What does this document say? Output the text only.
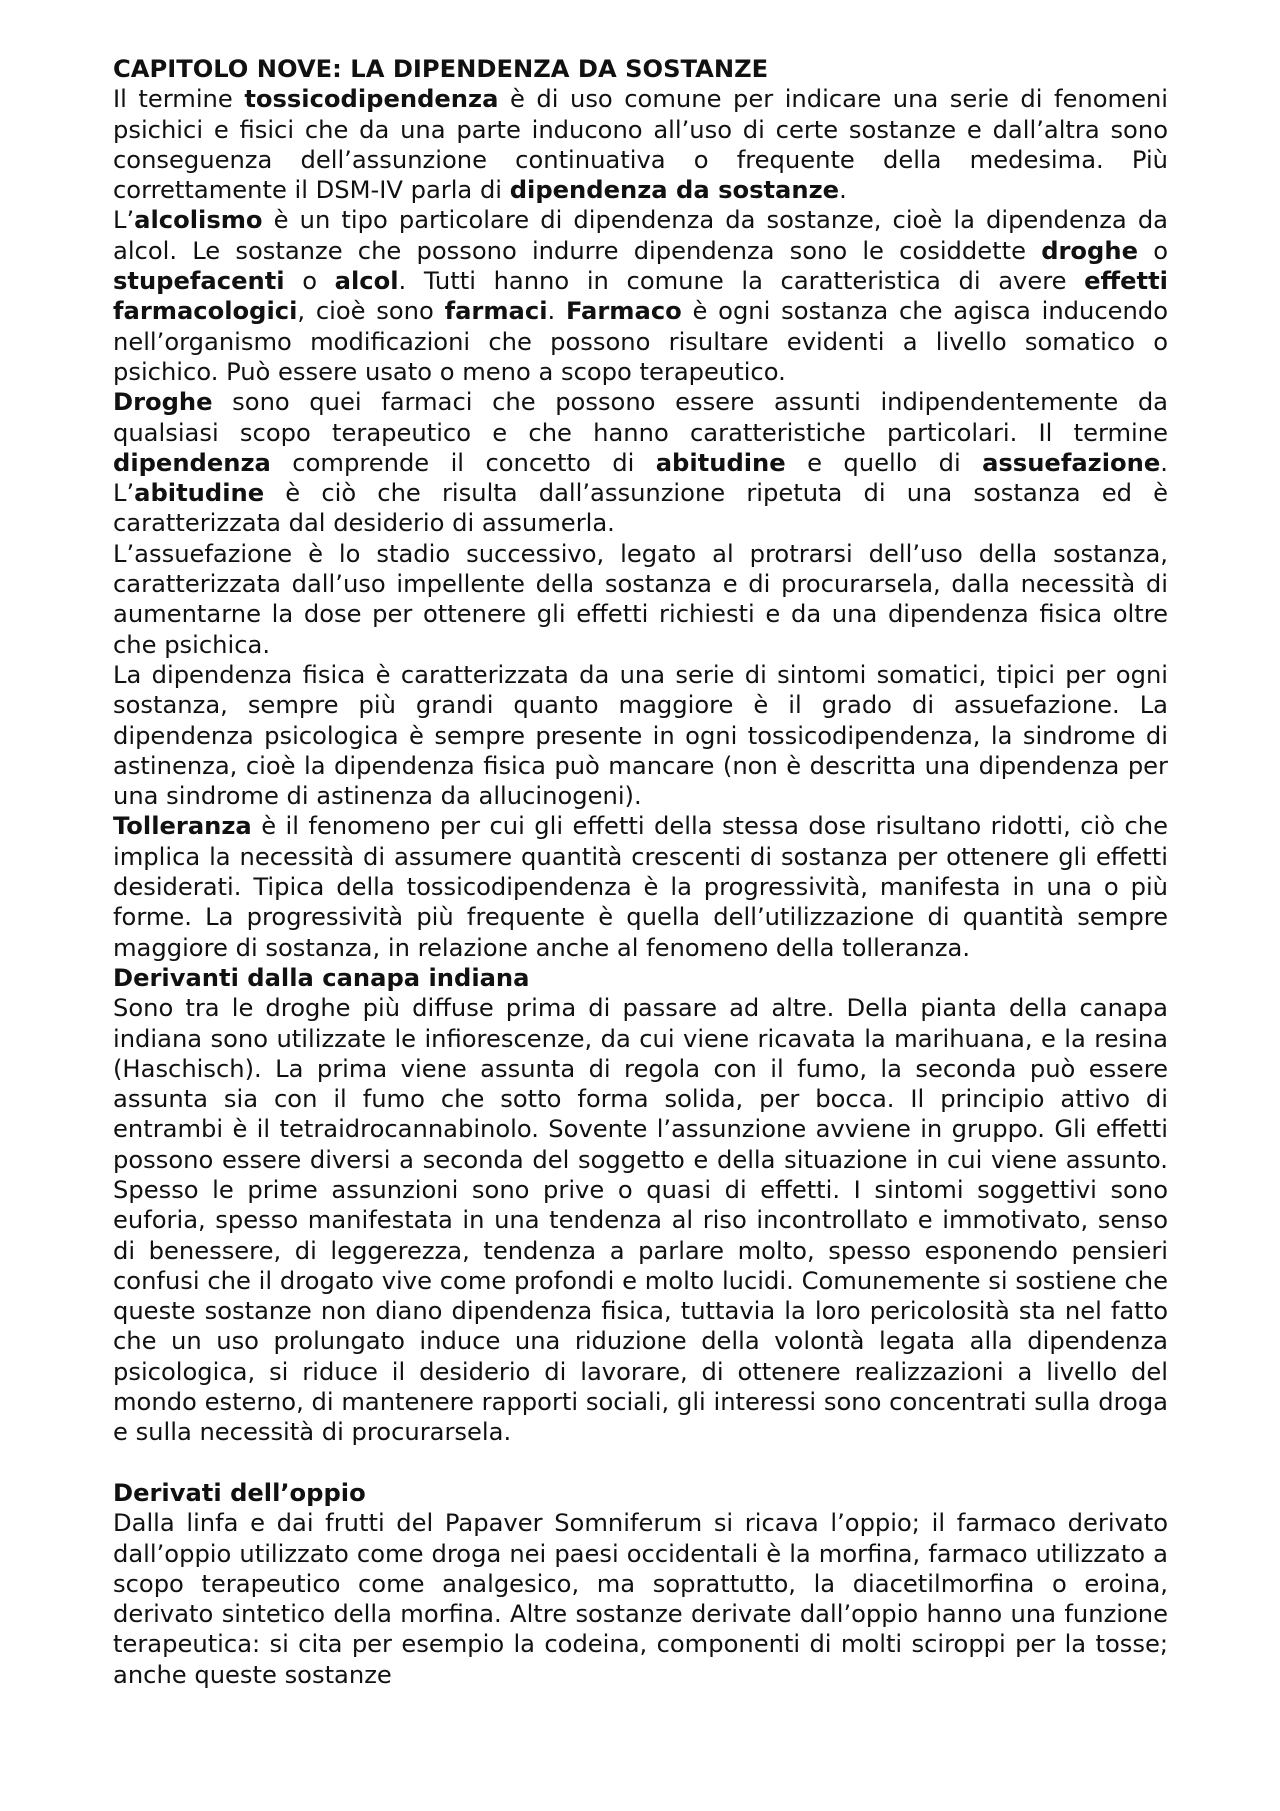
CAPITOLO NOVE: LA DIPENDENZA DA SOSTANZE

Il termine tossicodipendenza è di uso comune per indicare una serie di fenomeni psichici e fisici che da una parte inducono all’uso di certe sostanze e dall’altra sono conseguenza dell’assunzione continuativa o frequente della medesima. Più correttamente il DSM-IV parla di dipendenza da sostanze.

L’alcolismo è un tipo particolare di dipendenza da sostanze, cioè la dipendenza da alcol. Le sostanze che possono indurre dipendenza sono le cosiddette droghe o stupefacenti o alcol. Tutti hanno in comune la caratteristica di avere effetti farmacologici, cioè sono farmaci. Farmaco è ogni sostanza che agisca inducendo nell’organismo modificazioni che possono risultare evidenti a livello somatico o psichico. Può essere usato o meno a scopo terapeutico.

Droghe sono quei farmaci che possono essere assunti indipendentemente da qualsiasi scopo terapeutico e che hanno caratteristiche particolari. Il termine dipendenza comprende il concetto di abitudine e quello di assuefazione. L’abitudine è ciò che risulta dall’assunzione ripetuta di una sostanza ed è caratterizzata dal desiderio di assumerla.

L’assuefazione è lo stadio successivo, legato al protrarsi dell’uso della sostanza, caratterizzata dall’uso impellente della sostanza e di procurarsela, dalla necessità di aumentarne la dose per ottenere gli effetti richiesti e da una dipendenza fisica oltre che psichica.

La dipendenza fisica è caratterizzata da una serie di sintomi somatici, tipici per ogni sostanza, sempre più grandi quanto maggiore è il grado di assuefazione. La dipendenza psicologica è sempre presente in ogni tossicodipendenza, la sindrome di astinenza, cioè la dipendenza fisica può mancare (non è descritta una dipendenza per una sindrome di astinenza da allucinogeni).

Tolleranza è il fenomeno per cui gli effetti della stessa dose risultano ridotti, ciò che implica la necessità di assumere quantità crescenti di sostanza per ottenere gli effetti desiderati. Tipica della tossicodipendenza è la progressività, manifesta in una o più forme. La progressività più frequente è quella dell’utilizzazione di quantità sempre maggiore di sostanza, in relazione anche al fenomeno della tolleranza.

Derivanti dalla canapa indiana

Sono tra le droghe più diffuse prima di passare ad altre. Della pianta della canapa indiana sono utilizzate le infiorescenze, da cui viene ricavata la marihuana, e la resina (Haschisch). La prima viene assunta di regola con il fumo, la seconda può essere assunta sia con il fumo che sotto forma solida, per bocca. Il principio attivo di entrambi è il tetraidrocannabinolo. Sovente l’assunzione avviene in gruppo. Gli effetti possono essere diversi a seconda del soggetto e della situazione in cui viene assunto. Spesso le prime assunzioni sono prive o quasi di effetti. I sintomi soggettivi sono euforia, spesso manifestata in una tendenza al riso incontrollato e immotivato, senso di benessere, di leggerezza, tendenza a parlare molto, spesso esponendo pensieri confusi che il drogato vive come profondi e molto lucidi. Comunemente si sostiene che queste sostanze non diano dipendenza fisica, tuttavia la loro pericolosità sta nel fatto che un uso prolungato induce una riduzione della volontà legata alla dipendenza psicologica, si riduce il desiderio di lavorare, di ottenere realizzazioni a livello del mondo esterno, di mantenere rapporti sociali, gli interessi sono concentrati sulla droga e sulla necessità di procurarsela.

Derivati dell’oppio

Dalla linfa e dai frutti del Papaver Somniferum si ricava l’oppio; il farmaco derivato dall’oppio utilizzato come droga nei paesi occidentali è la morfina, farmaco utilizzato a scopo terapeutico come analgesico, ma soprattutto, la diacetilmorfina o eroina, derivato sintetico della morfina. Altre sostanze derivate dall’oppio hanno una funzione terapeutica: si cita per esempio la codeina, componenti di molti sciroppi per la tosse; anche queste sostanze
